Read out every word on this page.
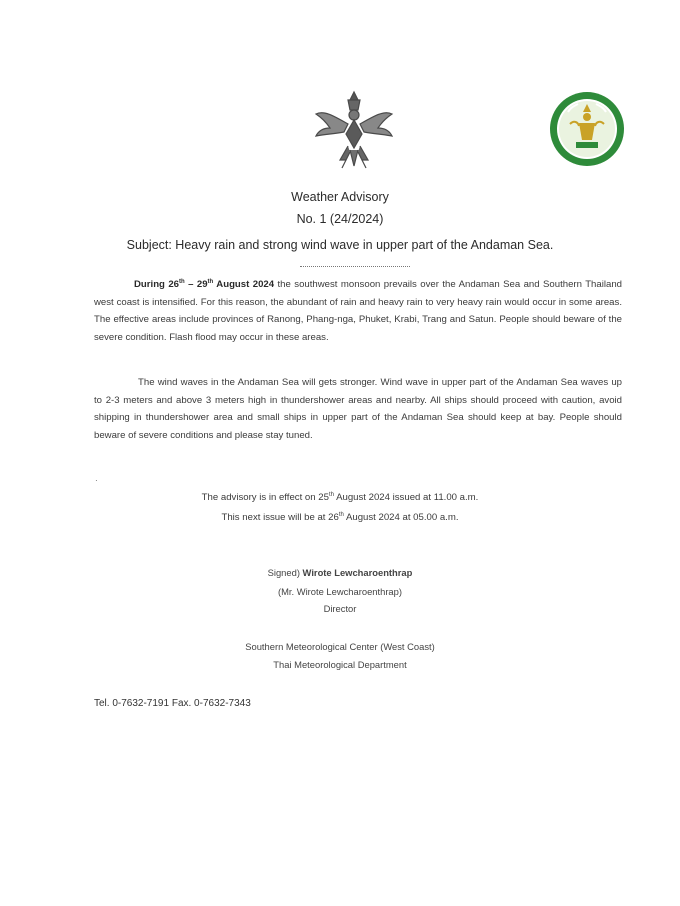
Weather Advisory
No. 1 (24/2024)
Subject: Heavy rain and strong wind wave in upper part of the Andaman Sea.

During 26th – 29th August 2024 the southwest monsoon prevails over the Andaman Sea and Southern Thailand west coast is intensified. For this reason, the abundant of rain and heavy rain to very heavy rain would occur in some areas. The effective areas include provinces of Ranong, Phang-nga, Phuket, Krabi, Trang and Satun. People should beware of the severe condition. Flash flood may occur in these areas.

The wind waves in the Andaman Sea will gets stronger. Wind wave in upper part of the Andaman Sea waves up to 2-3 meters and above 3 meters high in thundershower areas and nearby. All ships should proceed with caution, avoid shipping in thundershower area and small ships in upper part of the Andaman Sea should keep at bay. People should beware of severe conditions and please stay tuned.

·
The advisory is in effect on 25th August 2024 issued at 11.00 a.m.
This next issue will be at 26th August 2024 at 05.00 a.m.
Signed) Wirote Lewcharoenthrap
(Mr. Wirote Lewcharoenthrap)
Director
Southern Meteorological Center (West Coast)
Thai Meteorological Department
Tel. 0-7632-7191 Fax. 0-7632-7343
